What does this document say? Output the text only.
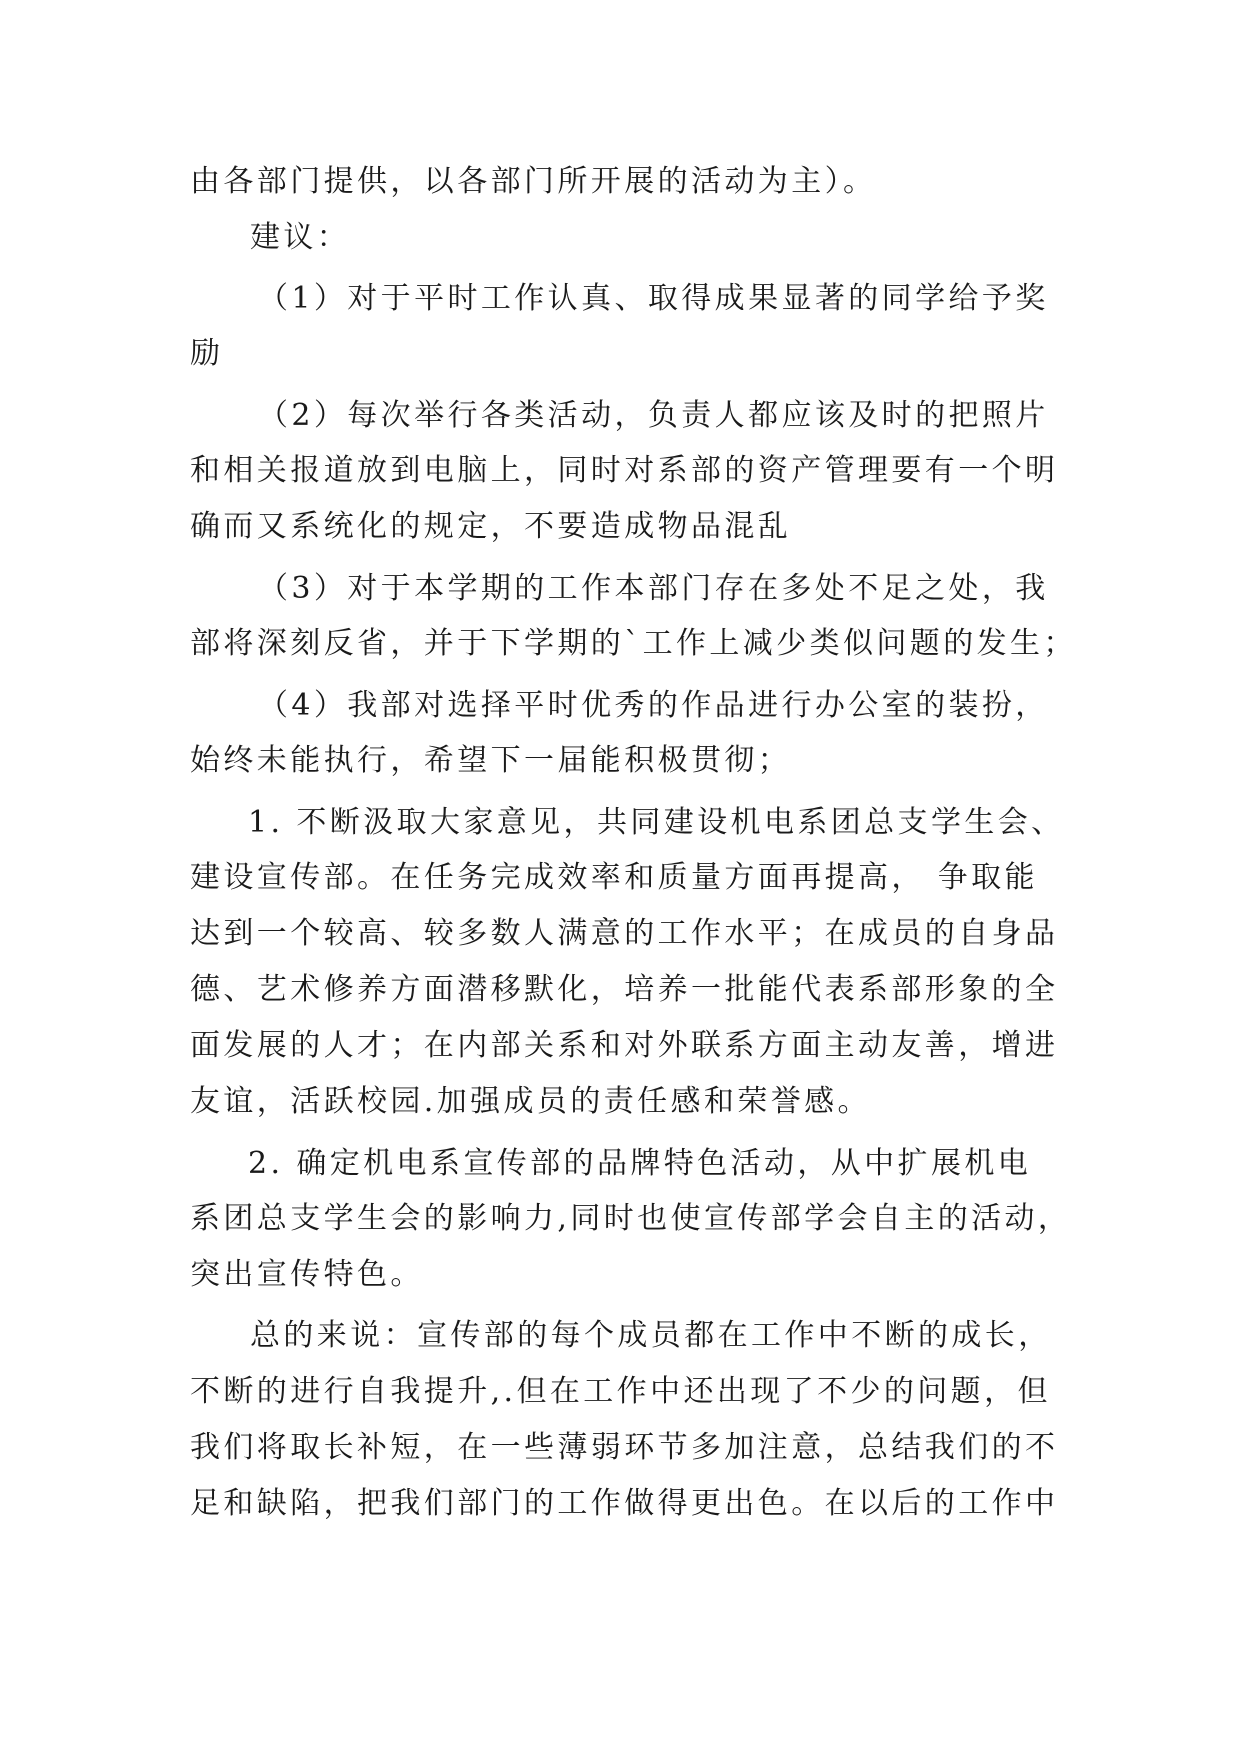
由各部门提供，以各部门所开展的活动为主）。
建议：
（1）对于平时工作认真、取得成果显著的同学给予奖
励
（2）每次举行各类活动，负责人都应该及时的把照片
和相关报道放到电脑上，同时对系部的资产管理要有一个明
确而又系统化的规定，不要造成物品混乱
（3）对于本学期的工作本部门存在多处不足之处，我
部将深刻反省，并于下学期的`工作上减少类似问题的发生；
（4）我部对选择平时优秀的作品进行办公室的装扮，
始终未能执行，希望下一届能积极贯彻；
1. 不断汲取大家意见，共同建设机电系团总支学生会、
建设宣传部。在任务完成效率和质量方面再提高， 争取能
达到一个较高、较多数人满意的工作水平；在成员的自身品
德、艺术修养方面潜移默化，培养一批能代表系部形象的全
面发展的人才；在内部关系和对外联系方面主动友善，增进
友谊，活跃校园.加强成员的责任感和荣誉感。
2. 确定机电系宣传部的品牌特色活动，从中扩展机电
系团总支学生会的影响力,同时也使宣传部学会自主的活动，
突出宣传特色。
总的来说：宣传部的每个成员都在工作中不断的成长，
不断的进行自我提升,.但在工作中还出现了不少的问题，但
我们将取长补短，在一些薄弱环节多加注意，总结我们的不
足和缺陷，把我们部门的工作做得更出色。在以后的工作中
